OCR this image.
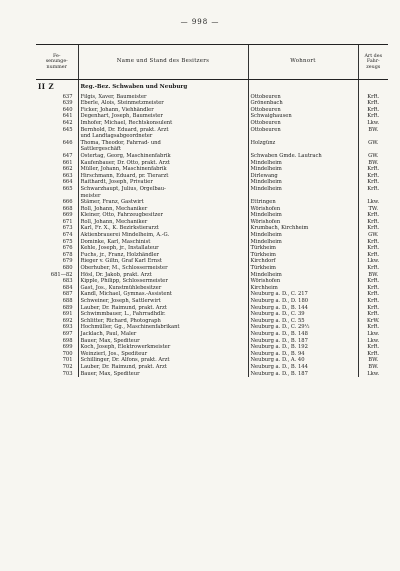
— 998 —
Fe-
senunge-
nummer	Name und Stand des Besitzers	Wohnort	Art des
Fahr-
zeugs
II Z	Reg.-Bez. Schwaben und Neuburg		
637	Filgis, Xaver, Baumeister	Ottobeuren	KrR.
639	Eberle, Alois, Steinmetzmeister	Grönenbach	KrR.
640	Ficker, Johann, Viehhändler	Ottobeuren	KrR.
641	Degenhart, Joseph, Baumeister	Schwaighausen	KrR.
642	Imhofer, Michael, Rechtskonsulent	Ottobeuren	Lkw.
645	Bernhold, Dr. Eduard, prakt. Arzt	Ottobeuren	BW.
	und Landtagsabgeordneter		
646	Thoma, Theodor, Fahrrad- und	Holzgünz	GW.
	Sattlergeschäft		
647	Ostertag, Georg, Maschinenfabrik	Schwaben Gmde. Lautrach	GW.
661	Kaufenbauer, Dr. Otto, prakt. Arzt	Mindelheim	BW.
662	Müller, Johann, Maschinenfabrik	Mindelheim	KrR.
663	Hirschmann, Eduard, pr. Tierarzt	Dirlewang	KrR.
664	Raithardt, Joseph, Privatier	Mindelheim	KrR.
665	Schwarzhaupt, Julius, Orgelbau-	Mindelheim	KrR.
	meister		
666	Stämer, Franz, Gastwirt	Ettringen	Lkw.
668	Roll, Johann, Mechaniker	Wörishofen	TW.
669	Kleiner, Otto, Fahrzeugbesitzer	Mindelheim	KrR.
671	Roll, Johann, Mechaniker	Wörishofen	KrR.
673	Karl, Fr. X., K. Bezirkstierarzt	Krumbach, Kirchheim	KrR.
674	Aktienbrauerei Mindelheim, A.-G.	Mindelheim	GW.
675	Dominke, Karl, Maschinist	Mindelheim	KrR.
676	Kehle, Joseph, jr., Installateur	Türkheim	KrR.
678	Fuchs, jr., Franz, Holzhändler	Türkheim	KrR.
679	Rieger v. Giltn, Graf Karl Ernst	Kirchdorf	Lkw.
680	Oberhuber, M., Schlossermeister	Türkheim	KrR.
681—82	Hösl, Dr. Jakob, prakt. Arzt	Mindelheim	BW.
683	Kipple, Philipp, Schlossermeister	Wörishofen	KrR.
684	Gast, Jos., Kunstmühlebesitzer	Kirchheim	KrR.
687	Kandl, Michael, Gymnas.-Assistent	Neuburg a. D., C. 217	KrR.
688	Schweiner, Joseph, Sattlerwirt	Neuburg a. D., D. 180	KrR.
689	Lauber, Dr. Raimund, prakt. Arzt	Neuburg a. D., B. 144	KrR.
691	Schwimmbauer, L., Fahrradhdlr.	Neuburg a. D., C. 39	KrR.
692	Schlitter, Richard, Photograph	Neuburg a. D., C. 55	KrW.
693	Hochmüller, Gg., Maschinenfabrikant	Neuburg a. D., C. 29½	KrR.
697	Jacklach, Paul, Maler	Neuburg a. D., B. 148	Lkw.
698	Bauer, Max, Spediteur	Neuburg a. D., B. 187	Lkw.
699	Koch, Joseph, Elektrowerkmeister	Neuburg a. D., B. 192	KrR.
700	Weinzierl, Jos., Spediteur	Neuburg a. D., B. 94	KrR.
701	Schillinger, Dr. Alfons, prakt. Arzt	Neuburg a. D., A. 40	BW.
702	Lauber, Dr. Raimund, prakt. Arzt	Neuburg a. D., B. 144	BW.
703	Bauer, Max, Spediteur	Neuburg a. D., B. 187	Lkw.
